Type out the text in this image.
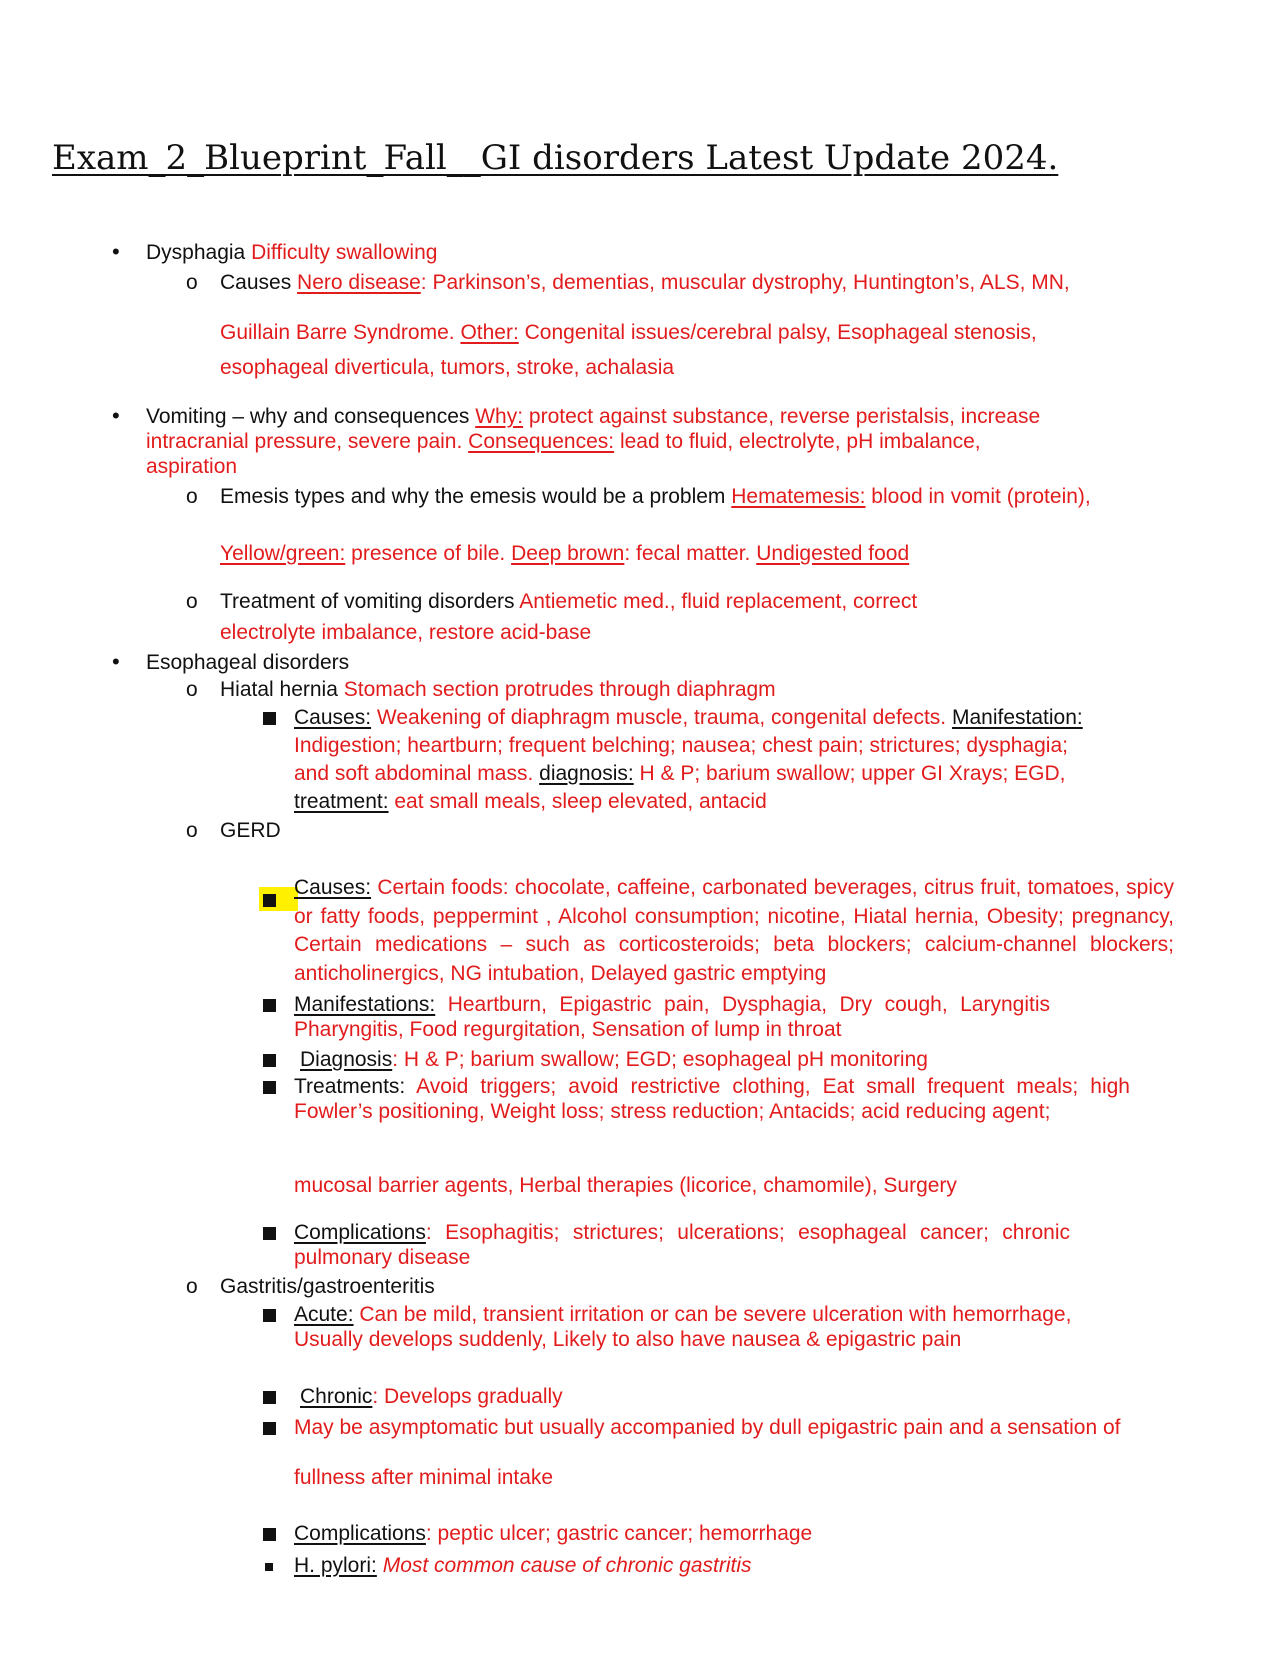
Exam_2_Blueprint_Fall__GI disorders Latest Update 2024.
• Dysphagia Difficulty swallowing
o Causes Nero disease: Parkinson’s, dementias, muscular dystrophy, Huntington’s, ALS, MN,
Guillain Barre Syndrome. Other: Congenital issues/cerebral palsy, Esophageal stenosis,
esophageal diverticula, tumors, stroke, achalasia
• Vomiting – why and consequences Why: protect against substance, reverse peristalsis, increase
intracranial pressure, severe pain. Consequences: lead to fluid, electrolyte, pH imbalance,
aspiration
o Emesis types and why the emesis would be a problem Hematemesis: blood in vomit (protein),
Yellow/green: presence of bile. Deep brown: fecal matter. Undigested food
o Treatment of vomiting disorders Antiemetic med., fluid replacement, correct
electrolyte imbalance, restore acid-base
• Esophageal disorders
o Hiatal hernia Stomach section protrudes through diaphragm
Causes: Weakening of diaphragm muscle, trauma, congenital defects. Manifestation:
Indigestion; heartburn; frequent belching; nausea; chest pain; strictures; dysphagia;
and soft abdominal mass. diagnosis: H & P; barium swallow; upper GI Xrays; EGD,
treatment: eat small meals, sleep elevated, antacid
o GERD
Causes: Certain foods: chocolate, caffeine, carbonated beverages, citrus fruit, tomatoes, spicy or fatty foods, peppermint , Alcohol consumption; nicotine, Hiatal hernia, Obesity; pregnancy, Certain medications – such as corticosteroids; beta blockers; calcium-channel blockers; anticholinergics, NG intubation, Delayed gastric emptying
Manifestations: Heartburn, Epigastric pain, Dysphagia, Dry cough, Laryngitis Pharyngitis, Food regurgitation, Sensation of lump in throat
Diagnosis: H & P; barium swallow; EGD; esophageal pH monitoring
Treatments: Avoid triggers; avoid restrictive clothing, Eat small frequent meals; high Fowler’s positioning, Weight loss; stress reduction; Antacids; acid reducing agent;
mucosal barrier agents, Herbal therapies (licorice, chamomile), Surgery
Complications: Esophagitis; strictures; ulcerations; esophageal cancer; chronic pulmonary disease
o Gastritis/gastroenteritis
Acute: Can be mild, transient irritation or can be severe ulceration with hemorrhage, Usually develops suddenly, Likely to also have nausea & epigastric pain
Chronic: Develops gradually
May be asymptomatic but usually accompanied by dull epigastric pain and a sensation of
fullness after minimal intake
Complications: peptic ulcer; gastric cancer; hemorrhage
H. pylori: Most common cause of chronic gastritis
